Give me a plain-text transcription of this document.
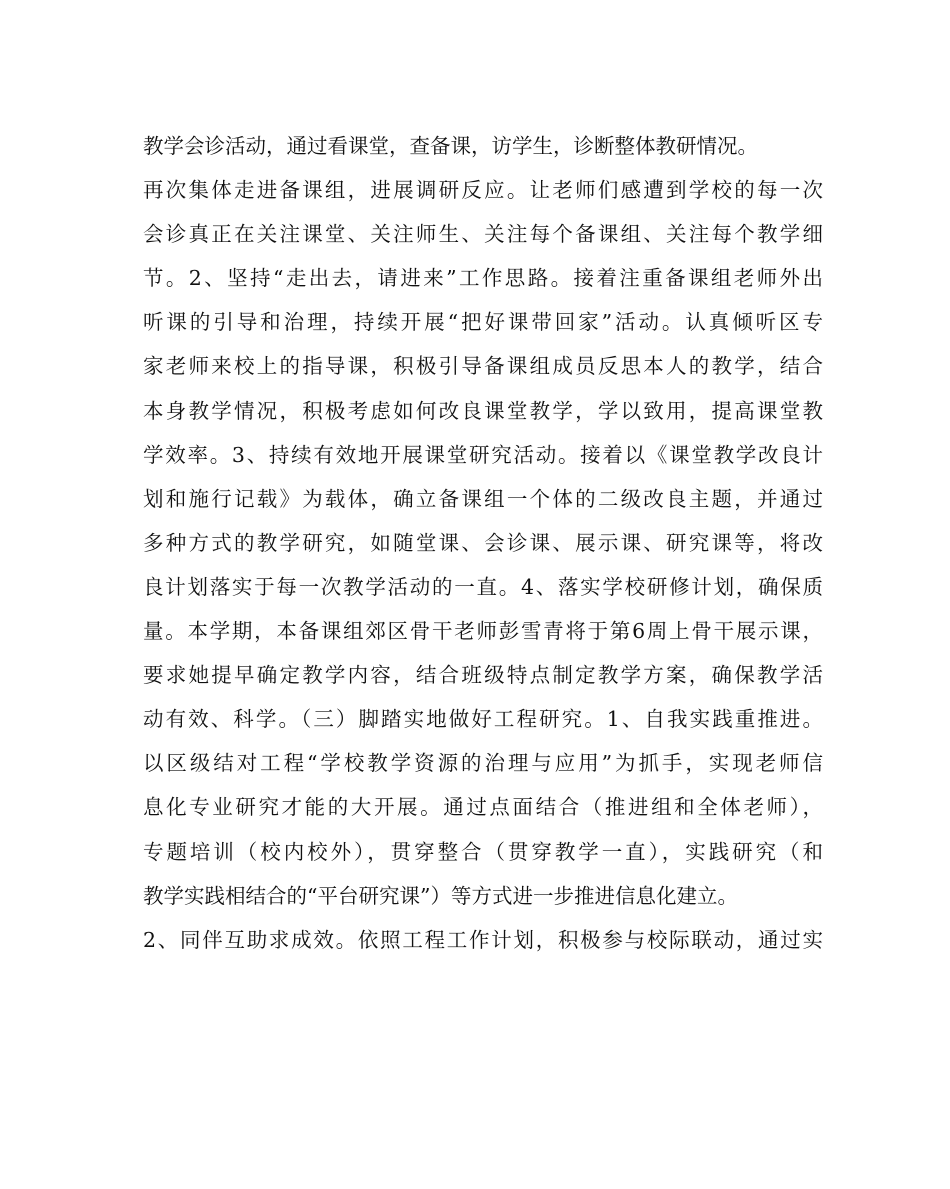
教学会诊活动，通过看课堂，查备课，访学生，诊断整体教研情况。
再次集体走进备课组，进展调研反应。让老师们感遭到学校的每一次
会诊真正在关注课堂、关注师生、关注每个备课组、关注每个教学细
节。2、坚持“走出去，请进来”工作思路。接着注重备课组老师外出
听课的引导和治理，持续开展“把好课带回家”活动。认真倾听区专
家老师来校上的指导课，积极引导备课组成员反思本人的教学，结合
本身教学情况，积极考虑如何改良课堂教学，学以致用，提高课堂教
学效率。3、持续有效地开展课堂研究活动。接着以《课堂教学改良计
划和施行记载》为载体，确立备课组一个体的二级改良主题，并通过
多种方式的教学研究，如随堂课、会诊课、展示课、研究课等，将改
良计划落实于每一次教学活动的一直。4、落实学校研修计划，确保质
量。本学期，本备课组郊区骨干老师彭雪青将于第6周上骨干展示课，
要求她提早确定教学内容，结合班级特点制定教学方案，确保教学活
动有效、科学。（三）脚踏实地做好工程研究。1、自我实践重推进。
以区级结对工程“学校教学资源的治理与应用”为抓手，实现老师信
息化专业研究才能的大开展。通过点面结合（推进组和全体老师），
专题培训（校内校外），贯穿整合（贯穿教学一直），实践研究（和
教学实践相结合的“平台研究课”）等方式进一步推进信息化建立。
2、同伴互助求成效。依照工程工作计划，积极参与校际联动，通过实
